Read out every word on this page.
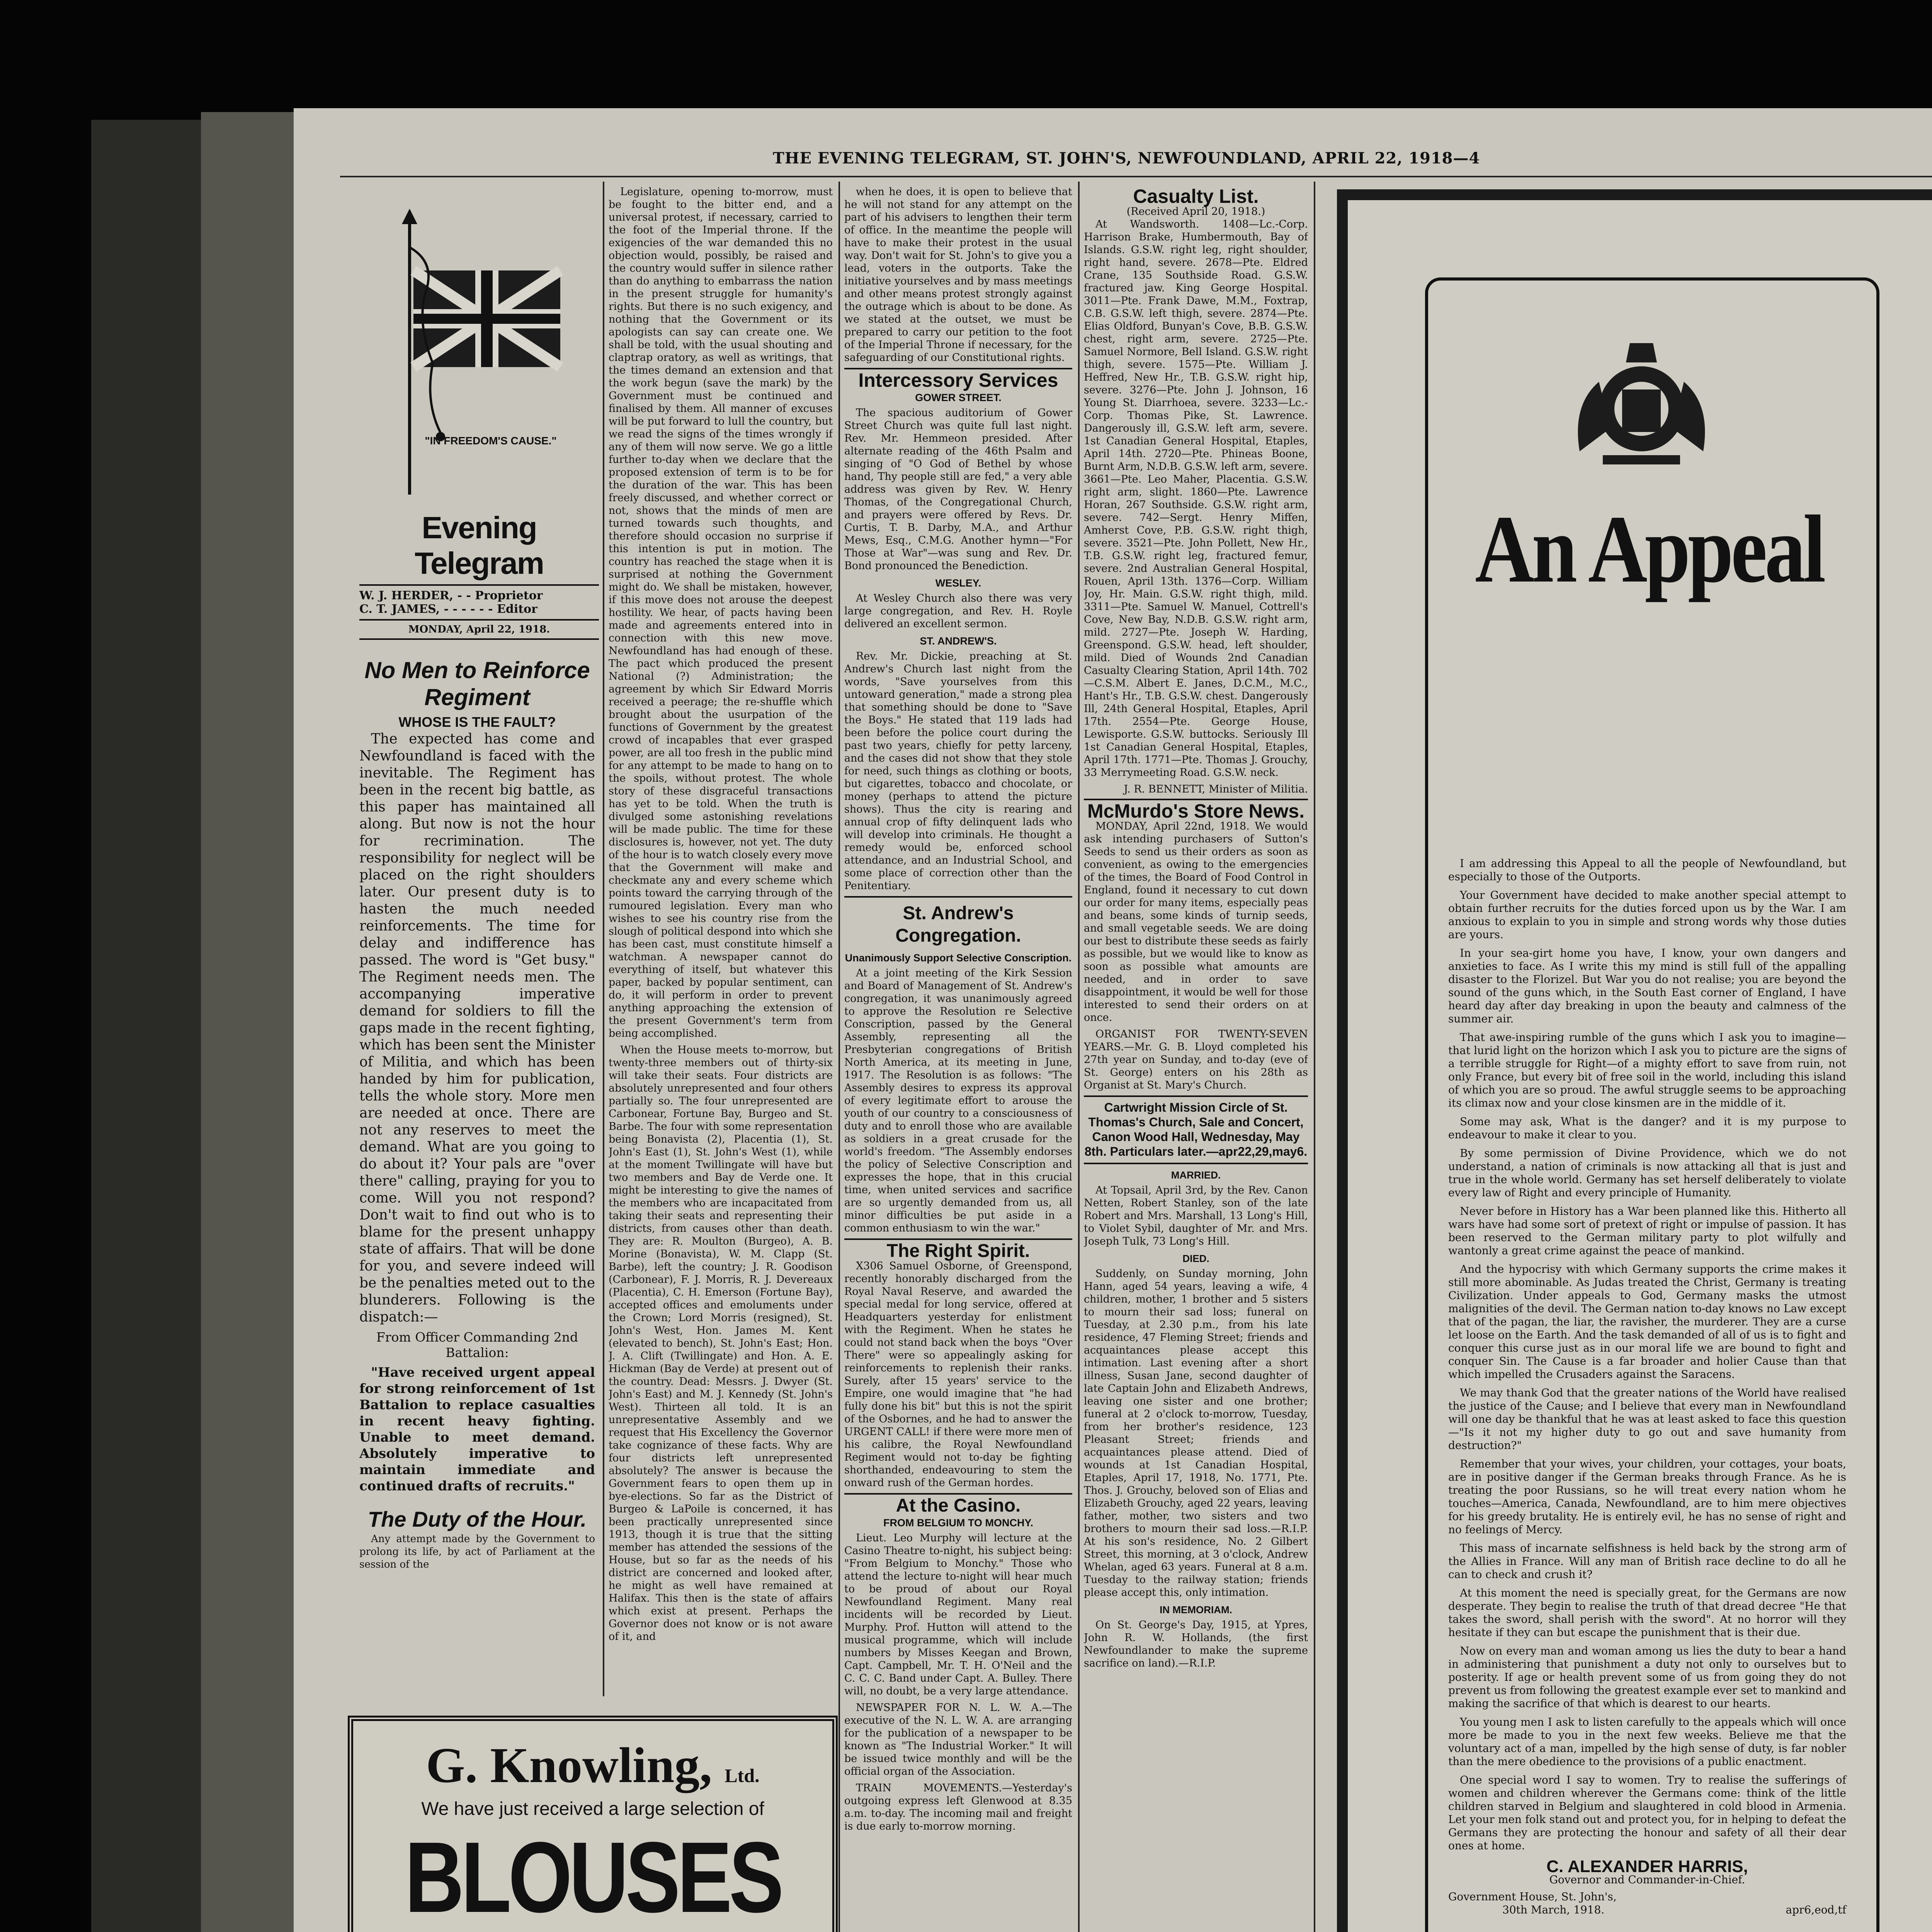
THE EVENING TELEGRAM, ST. JOHN'S, NEWFOUNDLAND, APRIL 22, 1918—4
"IN FREEDOM'S CAUSE."
Evening Telegram
W. J. HERDER, - - Proprietor
C. T. JAMES, - - - - - - Editor
MONDAY, April 22, 1918.
No Men to Reinforce Regiment
WHOSE IS THE FAULT?

The expected has come and Newfoundland is faced with the inevitable. The Regiment has been in the recent big battle, as this paper has maintained all along. But now is not the hour for recrimination. The responsibility for neglect will be placed on the right shoulders later. Our present duty is to hasten the much needed reinforcements. The time for delay and indifference has passed. The word is "Get busy." The Regiment needs men. The accompanying imperative demand for soldiers to fill the gaps made in the recent fighting, which has been sent the Minister of Militia, and which has been handed by him for publication, tells the whole story. More men are needed at once. There are not any reserves to meet the demand. What are you going to do about it? Your pals are "over there" calling, praying for you to come. Will you not respond? Don't wait to find out who is to blame for the present unhappy state of affairs. That will be done for you, and severe indeed will be the penalties meted out to the blunderers. Following is the dispatch:—

From Officer Commanding 2nd Battalion:

"Have received urgent appeal for strong reinforcement of 1st Battalion to replace casualties in recent heavy fighting. Unable to meet demand. Absolutely imperative to maintain immediate and continued drafts of recruits."

The Duty of the Hour.

Any attempt made by the Government to prolong its life, by act of Parliament at the session of the

Legislature, opening to-morrow, must be fought to the bitter end, and a universal protest, if necessary, carried to the foot of the Imperial throne. If the exigencies of the war demanded this no objection would, possibly, be raised and the country would suffer in silence rather than do anything to embarrass the nation in the present struggle for humanity's rights. But there is no such exigency, and nothing that the Government or its apologists can say can create one. We shall be told, with the usual shouting and claptrap oratory, as well as writings, that the times demand an extension and that the work begun (save the mark) by the Government must be continued and finalised by them. All manner of excuses will be put forward to lull the country, but we read the signs of the times wrongly if any of them will now serve. We go a little further to-day when we declare that the proposed extension of term is to be for the duration of the war. This has been freely discussed, and whether correct or not, shows that the minds of men are turned towards such thoughts, and therefore should occasion no surprise if this intention is put in motion. The country has reached the stage when it is surprised at nothing the Government might do. We shall be mistaken, however, if this move does not arouse the deepest hostility. We hear, of pacts having been made and agreements entered into in connection with this new move. Newfoundland has had enough of these. The pact which produced the present National (?) Administration; the agreement by which Sir Edward Morris received a peerage; the re-shuffle which brought about the usurpation of the functions of Government by the greatest crowd of incapables that ever grasped power, are all too fresh in the public mind for any attempt to be made to hang on to the spoils, without protest. The whole story of these disgraceful transactions has yet to be told. When the truth is divulged some astonishing revelations will be made public. The time for these disclosures is, however, not yet. The duty of the hour is to watch closely every move that the Government will make and checkmate any and every scheme which points toward the carrying through of the rumoured legislation. Every man who wishes to see his country rise from the slough of political despond into which she has been cast, must constitute himself a watchman. A newspaper cannot do everything of itself, but whatever this paper, backed by popular sentiment, can do, it will perform in order to prevent anything approaching the extension of the present Government's term from being accomplished.

When the House meets to-morrow, but twenty-three members out of thirty-six will take their seats. Four districts are absolutely unrepresented and four others partially so. The four unrepresented are Carbonear, Fortune Bay, Burgeo and St. Barbe. The four with some representation being Bonavista (2), Placentia (1), St. John's East (1), St. John's West (1), while at the moment Twillingate will have but two members and Bay de Verde one. It might be interesting to give the names of the members who are incapacitated from taking their seats and representing their districts, from causes other than death. They are: R. Moulton (Burgeo), A. B. Morine (Bonavista), W. M. Clapp (St. Barbe), left the country; J. R. Goodison (Carbonear), F. J. Morris, R. J. Devereaux (Placentia), C. H. Emerson (Fortune Bay), accepted offices and emoluments under the Crown; Lord Morris (resigned), St. John's West, Hon. James M. Kent (elevated to bench), St. John's East; Hon. J. A. Clift (Twillingate) and Hon. A. E. Hickman (Bay de Verde) at present out of the country. Dead: Messrs. J. Dwyer (St. John's East) and M. J. Kennedy (St. John's West). Thirteen all told. It is an unrepresentative Assembly and we request that His Excellency the Governor take cognizance of these facts. Why are four districts left unrepresented absolutely? The answer is because the Government fears to open them up in bye-elections. So far as the District of Burgeo & LaPoile is concerned, it has been practically unrepresented since 1913, though it is true that the sitting member has attended the sessions of the House, but so far as the needs of his district are concerned and looked after, he might as well have remained at Halifax. This then is the state of affairs which exist at present. Perhaps the Governor does not know or is not aware of it, and

G. Knowling, Ltd.
We have just received a large selection of
BLOUSES

when he does, it is open to believe that he will not stand for any attempt on the part of his advisers to lengthen their term of office. In the meantime the people will have to make their protest in the usual way. Don't wait for St. John's to give you a lead, voters in the outports. Take the initiative yourselves and by mass meetings and other means protest strongly against the outrage which is about to be done. As we stated at the outset, we must be prepared to carry our petition to the foot of the Imperial Throne if necessary, for the safeguarding of our Constitutional rights.

Intercessory Services
GOWER STREET.

The spacious auditorium of Gower Street Church was quite full last night. Rev. Mr. Hemmeon presided. After alternate reading of the 46th Psalm and singing of "O God of Bethel by whose hand, Thy people still are fed," a very able address was given by Rev. W. Henry Thomas, of the Congregational Church, and prayers were offered by Revs. Dr. Curtis, T. B. Darby, M.A., and Arthur Mews, Esq., C.M.G. Another hymn—"For Those at War"—was sung and Rev. Dr. Bond pronounced the Benediction.

WESLEY.

At Wesley Church also there was very large congregation, and Rev. H. Royle delivered an excellent sermon.

ST. ANDREW'S.

Rev. Mr. Dickie, preaching at St. Andrew's Church last night from the words, "Save yourselves from this untoward generation," made a strong plea that something should be done to "Save the Boys." He stated that 119 lads had been before the police court during the past two years, chiefly for petty larceny, and the cases did not show that they stole for need, such things as clothing or boots, but cigarettes, tobacco and chocolate, or money (perhaps to attend the picture shows). Thus the city is rearing and annual crop of fifty delinquent lads who will develop into criminals. He thought a remedy would be, enforced school attendance, and an Industrial School, and some place of correction other than the Penitentiary.

St. Andrew's Congregation.
Unanimously Support Selective Conscription.

At a joint meeting of the Kirk Session and Board of Management of St. Andrew's congregation, it was unanimously agreed to approve the Resolution re Selective Conscription, passed by the General Assembly, representing all the Presbyterian congregations of British North America, at its meeting in June, 1917. The Resolution is as follows: "The Assembly desires to express its approval of every legitimate effort to arouse the youth of our country to a consciousness of duty and to enroll those who are available as soldiers in a great crusade for the world's freedom. "The Assembly endorses the policy of Selective Conscription and expresses the hope, that in this crucial time, when united services and sacrifice are so urgently demanded from us, all minor difficulties be put aside in a common enthusiasm to win the war."

The Right Spirit.

X306 Samuel Osborne, of Greenspond, recently honorably discharged from the Royal Naval Reserve, and awarded the special medal for long service, offered at Headquarters yesterday for enlistment with the Regiment. When he states he could not stand back when the boys "Over There" were so appealingly asking for reinforcements to replenish their ranks. Surely, after 15 years' service to the Empire, one would imagine that "he had fully done his bit" but this is not the spirit of the Osbornes, and he had to answer the URGENT CALL! if there were more men of his calibre, the Royal Newfoundland Regiment would not to-day be fighting shorthanded, endeavouring to stem the onward rush of the German hordes.

At the Casino.
FROM BELGIUM TO MONCHY.

Lieut. Leo Murphy will lecture at the Casino Theatre to-night, his subject being: "From Belgium to Monchy." Those who attend the lecture to-night will hear much to be proud of about our Royal Newfoundland Regiment. Many real incidents will be recorded by Lieut. Murphy. Prof. Hutton will attend to the musical programme, which will include numbers by Misses Keegan and Brown, Capt. Campbell, Mr. T. H. O'Neil and the C. C. C. Band under Capt. A. Bulley. There will, no doubt, be a very large attendance.

NEWSPAPER FOR N. L. W. A.—The executive of the N. L. W. A. are arranging for the publication of a newspaper to be known as "The Industrial Worker." It will be issued twice monthly and will be the official organ of the Association.

TRAIN MOVEMENTS.—Yesterday's outgoing express left Glenwood at 8.35 a.m. to-day. The incoming mail and freight is due early to-morrow morning.

Casualty List.
(Received April 20, 1918.)

At Wandsworth. 1408—Lc.-Corp. Harrison Brake, Humbermouth, Bay of Islands. G.S.W. right leg, right shoulder, right hand, severe. 2678—Pte. Eldred Crane, 135 Southside Road. G.S.W. fractured jaw. King George Hospital. 3011—Pte. Frank Dawe, M.M., Foxtrap, C.B. G.S.W. left thigh, severe. 2874—Pte. Elias Oldford, Bunyan's Cove, B.B. G.S.W. chest, right arm, severe. 2725—Pte. Samuel Normore, Bell Island. G.S.W. right thigh, severe. 1575—Pte. William J. Heffred, New Hr., T.B. G.S.W. right hip, severe. 3276—Pte. John J. Johnson, 16 Young St. Diarrhoea, severe. 3233—Lc.-Corp. Thomas Pike, St. Lawrence. Dangerously ill, G.S.W. left arm, severe. 1st Canadian General Hospital, Etaples, April 14th. 2720—Pte. Phineas Boone, Burnt Arm, N.D.B. G.S.W. left arm, severe. 3661—Pte. Leo Maher, Placentia. G.S.W. right arm, slight. 1860—Pte. Lawrence Horan, 267 Southside. G.S.W. right arm, severe. 742—Sergt. Henry Miffen, Amherst Cove, P.B. G.S.W. right thigh, severe. 3521—Pte. John Pollett, New Hr., T.B. G.S.W. right leg, fractured femur, severe. 2nd Australian General Hospital, Rouen, April 13th. 1376—Corp. William Joy, Hr. Main. G.S.W. right thigh, mild. 3311—Pte. Samuel W. Manuel, Cottrell's Cove, New Bay, N.D.B. G.S.W. right arm, mild. 2727—Pte. Joseph W. Harding, Greenspond. G.S.W. head, left shoulder, mild. Died of Wounds 2nd Canadian Casualty Clearing Station, April 14th. 702—C.S.M. Albert E. Janes, D.C.M., M.C., Hant's Hr., T.B. G.S.W. chest. Dangerously Ill, 24th General Hospital, Etaples, April 17th. 2554—Pte. George House, Lewisporte. G.S.W. buttocks. Seriously Ill 1st Canadian General Hospital, Etaples, April 17th. 1771—Pte. Thomas J. Grouchy, 33 Merrymeeting Road. G.S.W. neck.

J. R. BENNETT, Minister of Militia.
McMurdo's Store News.

MONDAY, April 22nd, 1918. We would ask intending purchasers of Sutton's Seeds to send us their orders as soon as convenient, as owing to the emergencies of the times, the Board of Food Control in England, found it necessary to cut down our order for many items, especially peas and beans, some kinds of turnip seeds, and small vegetable seeds. We are doing our best to distribute these seeds as fairly as possible, but we would like to know as soon as possible what amounts are needed, and in order to save disappointment, it would be well for those interested to send their orders on at once.

ORGANIST FOR TWENTY-SEVEN YEARS.—Mr. G. B. Lloyd completed his 27th year on Sunday, and to-day (eve of St. George) enters on his 28th as Organist at St. Mary's Church.

Cartwright Mission Circle of St. Thomas's Church, Sale and Concert, Canon Wood Hall, Wednesday, May 8th. Particulars later.—apr22,29,may6.

MARRIED.

At Topsail, April 3rd, by the Rev. Canon Netten, Robert Stanley, son of the late Robert and Mrs. Marshall, 13 Long's Hill, to Violet Sybil, daughter of Mr. and Mrs. Joseph Tulk, 73 Long's Hill.

DIED.

Suddenly, on Sunday morning, John Hann, aged 54 years, leaving a wife, 4 children, mother, 1 brother and 5 sisters to mourn their sad loss; funeral on Tuesday, at 2.30 p.m., from his late residence, 47 Fleming Street; friends and acquaintances please accept this intimation. Last evening after a short illness, Susan Jane, second daughter of late Captain John and Elizabeth Andrews, leaving one sister and one brother; funeral at 2 o'clock to-morrow, Tuesday, from her brother's residence, 123 Pleasant Street; friends and acquaintances please attend. Died of wounds at 1st Canadian Hospital, Etaples, April 17, 1918, No. 1771, Pte. Thos. J. Grouchy, beloved son of Elias and Elizabeth Grouchy, aged 22 years, leaving father, mother, two sisters and two brothers to mourn their sad loss.—R.I.P. At his son's residence, No. 2 Gilbert Street, this morning, at 3 o'clock, Andrew Whelan, aged 63 years. Funeral at 8 a.m. Tuesday to the railway station; friends please accept this, only intimation.

IN MEMORIAM.

On St. George's Day, 1915, at Ypres, John R. W. Hollands, (the first Newfoundlander to make the supreme sacrifice on land).—R.I.P.

An Appeal

I am addressing this Appeal to all the people of Newfoundland, but especially to those of the Outports.

Your Government have decided to make another special attempt to obtain further recruits for the duties forced upon us by the War. I am anxious to explain to you in simple and strong words why those duties are yours.

In your sea-girt home you have, I know, your own dangers and anxieties to face. As I write this my mind is still full of the appalling disaster to the Florizel. But War you do not realise; you are beyond the sound of the guns which, in the South East corner of England, I have heard day after day breaking in upon the beauty and calmness of the summer air.

That awe-inspiring rumble of the guns which I ask you to imagine—that lurid light on the horizon which I ask you to picture are the signs of a terrible struggle for Right—of a mighty effort to save from ruin, not only France, but every bit of free soil in the world, including this island of which you are so proud. The awful struggle seems to be approaching its climax now and your close kinsmen are in the middle of it.

Some may ask, What is the danger? and it is my purpose to endeavour to make it clear to you.

By some permission of Divine Providence, which we do not understand, a nation of criminals is now attacking all that is just and true in the whole world. Germany has set herself deliberately to violate every law of Right and every principle of Humanity.

Never before in History has a War been planned like this. Hitherto all wars have had some sort of pretext of right or impulse of passion. It has been reserved to the German military party to plot wilfully and wantonly a great crime against the peace of mankind.

And the hypocrisy with which Germany supports the crime makes it still more abominable. As Judas treated the Christ, Germany is treating Civilization. Under appeals to God, Germany masks the utmost malignities of the devil. The German nation to-day knows no Law except that of the pagan, the liar, the ravisher, the murderer. They are a curse let loose on the Earth. And the task demanded of all of us is to fight and conquer this curse just as in our moral life we are bound to fight and conquer Sin. The Cause is a far broader and holier Cause than that which impelled the Crusaders against the Saracens.

We may thank God that the greater nations of the World have realised the justice of the Cause; and I believe that every man in Newfoundland will one day be thankful that he was at least asked to face this question—"Is it not my higher duty to go out and save humanity from destruction?"

Remember that your wives, your children, your cottages, your boats, are in positive danger if the German breaks through France. As he is treating the poor Russians, so he will treat every nation whom he touches—America, Canada, Newfoundland, are to him mere objectives for his greedy brutality. He is entirely evil, he has no sense of right and no feelings of Mercy.

This mass of incarnate selfishness is held back by the strong arm of the Allies in France. Will any man of British race decline to do all he can to check and crush it?

At this moment the need is specially great, for the Germans are now desperate. They begin to realise the truth of that dread decree "He that takes the sword, shall perish with the sword". At no horror will they hesitate if they can but escape the punishment that is their due.

Now on every man and woman among us lies the duty to bear a hand in administering that punishment a duty not only to ourselves but to posterity. If age or health prevent some of us from going they do not prevent us from following the greatest example ever set to mankind and making the sacrifice of that which is dearest to our hearts.

You young men I ask to listen carefully to the appeals which will once more be made to you in the next few weeks. Believe me that the voluntary act of a man, impelled by the high sense of duty, is far nobler than the mere obedience to the provisions of a public enactment.

One special word I say to women. Try to realise the sufferings of women and children wherever the Germans come: think of the little children starved in Belgium and slaughtered in cold blood in Armenia. Let your men folk stand out and protect you, for in helping to defeat the Germans they are protecting the honour and safety of all their dear ones at home.

C. ALEXANDER HARRIS,
Governor and Commander-in-Chief.
Government House, St. John's,
30th March, 1918.	apr6,eod,tf
